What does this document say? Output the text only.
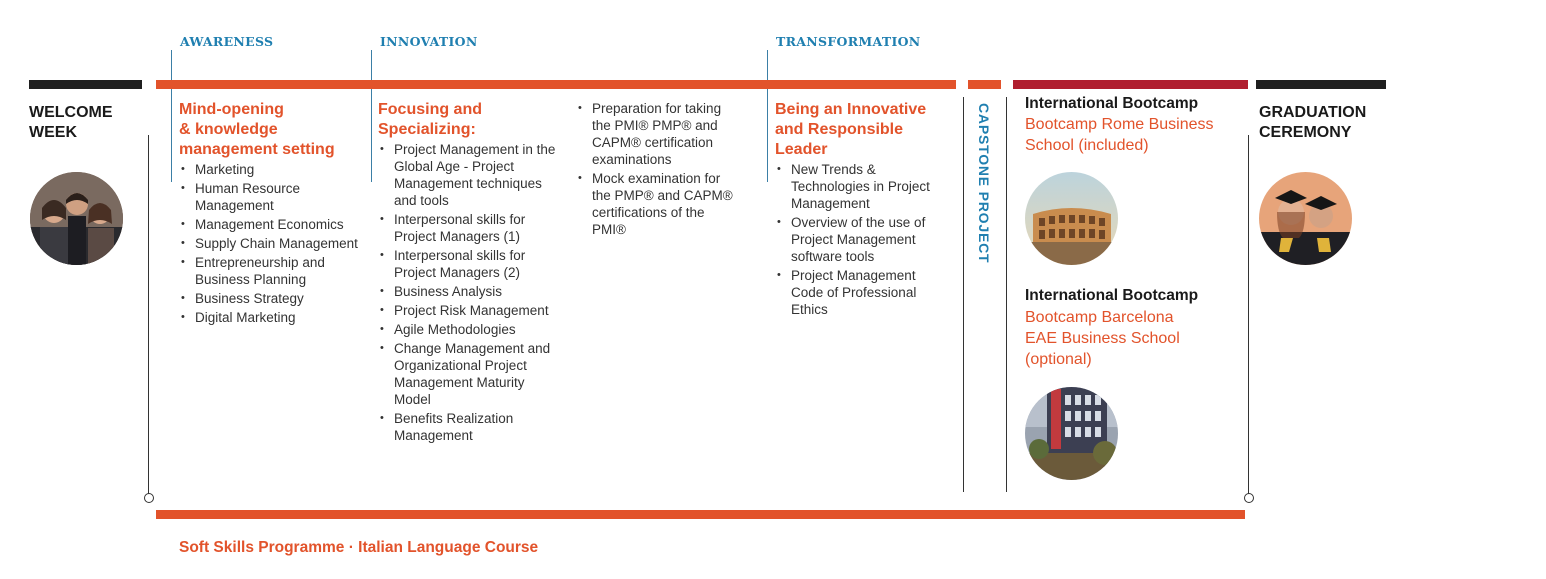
AWARENESS	INNOVATION	TRANSFORMATION
WELCOME
WEEK
Mind-opening
& knowledge
management setting
• Marketing
• Human Resource Management
• Management Economics
• Supply Chain Management
• Entrepreneurship and Business Planning
• Business Strategy
• Digital Marketing
Focusing and
Specializing:
• Project Management in the Global Age - Project Management techniques and tools
• Interpersonal skills for Project Managers (1)
• Interpersonal skills for Project Managers (2)
• Business Analysis
• Project Risk Management
• Agile Methodologies
• Change Management and Organizational Project Management Maturity Model
• Benefits Realization Management
• Preparation for taking the PMI® PMP® and CAPM® certification examinations
• Mock examination for the PMP® and CAPM® certifications of the PMI®
Being an Innovative
and Responsible
Leader
• New Trends & Technologies in Project Management
• Overview of the use of Project Management software tools
• Project Management Code of Professional Ethics
CAPSTONE PROJECT International Bootcamp
Bootcamp Rome Business
School (included)
International Bootcamp
Bootcamp Barcelona
EAE Business School
(optional)
GRADUATION
CEREMONY
Soft Skills Programme · Italian Language Course
